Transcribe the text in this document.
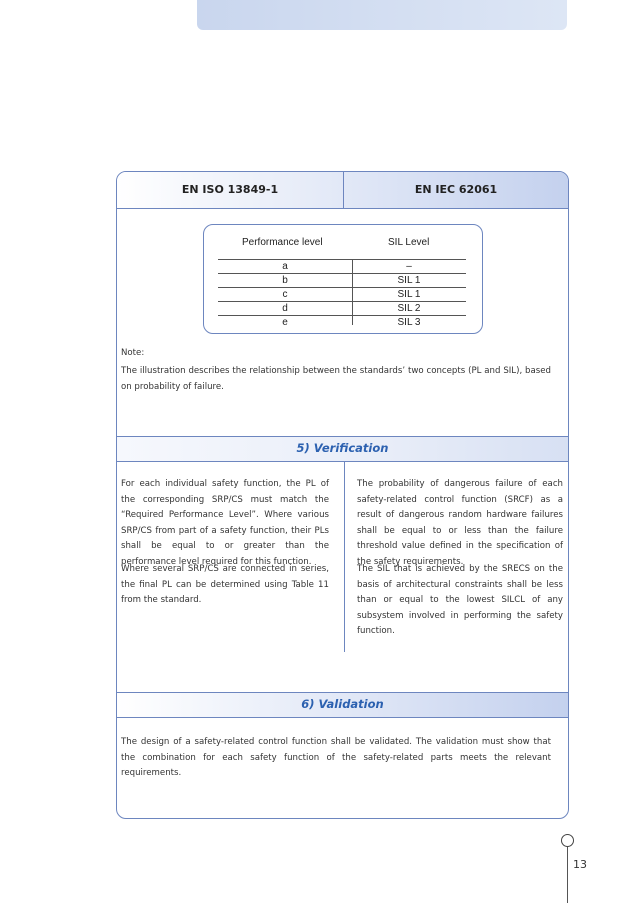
EN ISO 13849-1	EN IEC 62061
Performance level	SIL Level
a	–
b	SIL 1
c	SIL 1
d	SIL 2
e	SIL 3
Note:
The illustration describes the relationship between the standards’ two concepts (PL and SIL), based on probability of failure.
5) Verification
For each individual safety function, the PL of the corresponding SRP/CS must match the “Required Performance Level”. Where various SRP/CS from part of a safety function, their PLs shall be equal to or greater than the performance level required for this function.
Where several SRP/CS are connected in series, the final PL can be determined using Table 11 from the standard.
The probability of dangerous failure of each safety-related control function (SRCF) as a result of dangerous random hardware failures shall be equal to or less than the failure threshold value defined in the specification of the safety requirements.
The SIL that is achieved by the SRECS on the basis of architectural constraints shall be less than or equal to the lowest SILCL of any subsystem involved in performing the safety function.
6) Validation
The design of a safety-related control function shall be validated. The validation must show that the combination for each safety function of the safety-related parts meets the relevant requirements.
13
